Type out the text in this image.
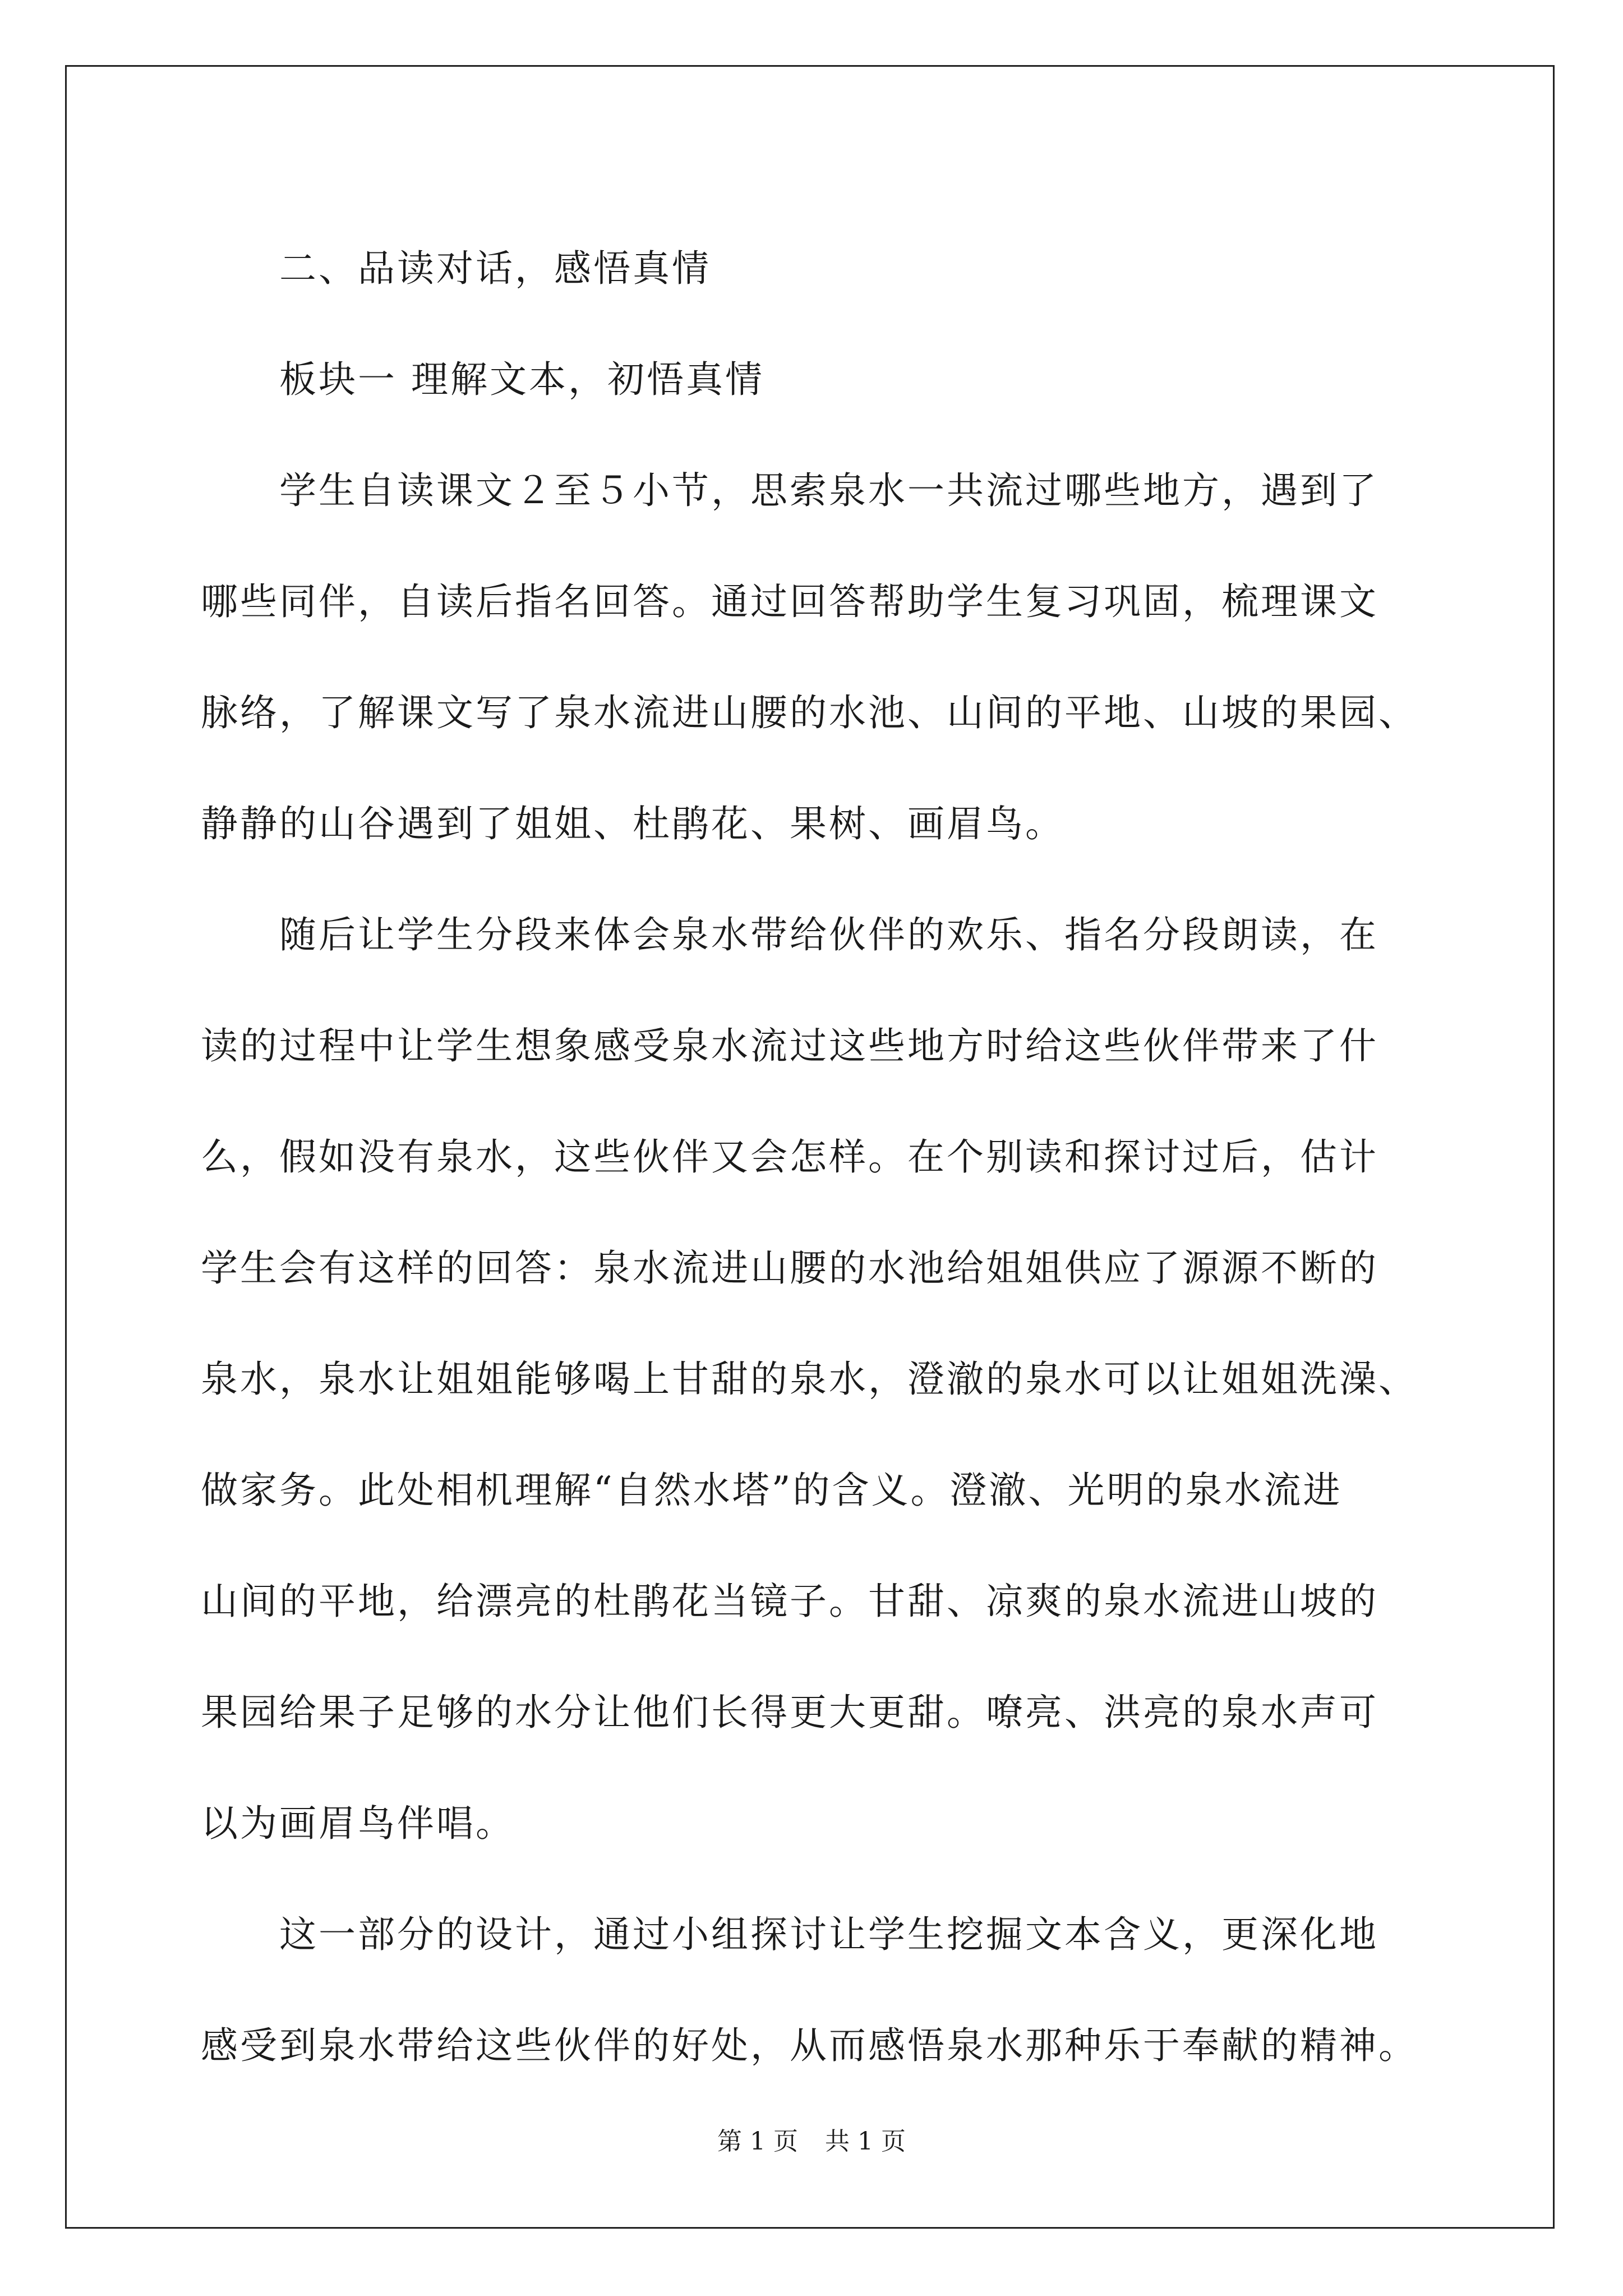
二、品读对话，感悟真情
板块一 理解文本，初悟真情
学生自读课文２至５小节，思索泉水一共流过哪些地方，遇到了
哪些同伴，自读后指名回答。通过回答帮助学生复习巩固，梳理课文
脉络，了解课文写了泉水流进山腰的水池、山间的平地、山坡的果园、
静静的山谷遇到了姐姐、杜鹃花、果树、画眉鸟。
随后让学生分段来体会泉水带给伙伴的欢乐、指名分段朗读，在
读的过程中让学生想象感受泉水流过这些地方时给这些伙伴带来了什
么，假如没有泉水，这些伙伴又会怎样。在个别读和探讨过后，估计
学生会有这样的回答：泉水流进山腰的水池给姐姐供应了源源不断的
泉水，泉水让姐姐能够喝上甘甜的泉水，澄澈的泉水可以让姐姐洗澡、
做家务。此处相机理解“自然水塔”的含义。澄澈、光明的泉水流进
山间的平地，给漂亮的杜鹃花当镜子。甘甜、凉爽的泉水流进山坡的
果园给果子足够的水分让他们长得更大更甜。嘹亮、洪亮的泉水声可
以为画眉鸟伴唱。
这一部分的设计，通过小组探讨让学生挖掘文本含义，更深化地
感受到泉水带给这些伙伴的好处，从而感悟泉水那种乐于奉献的精神。
第 1 页 共 1 页
